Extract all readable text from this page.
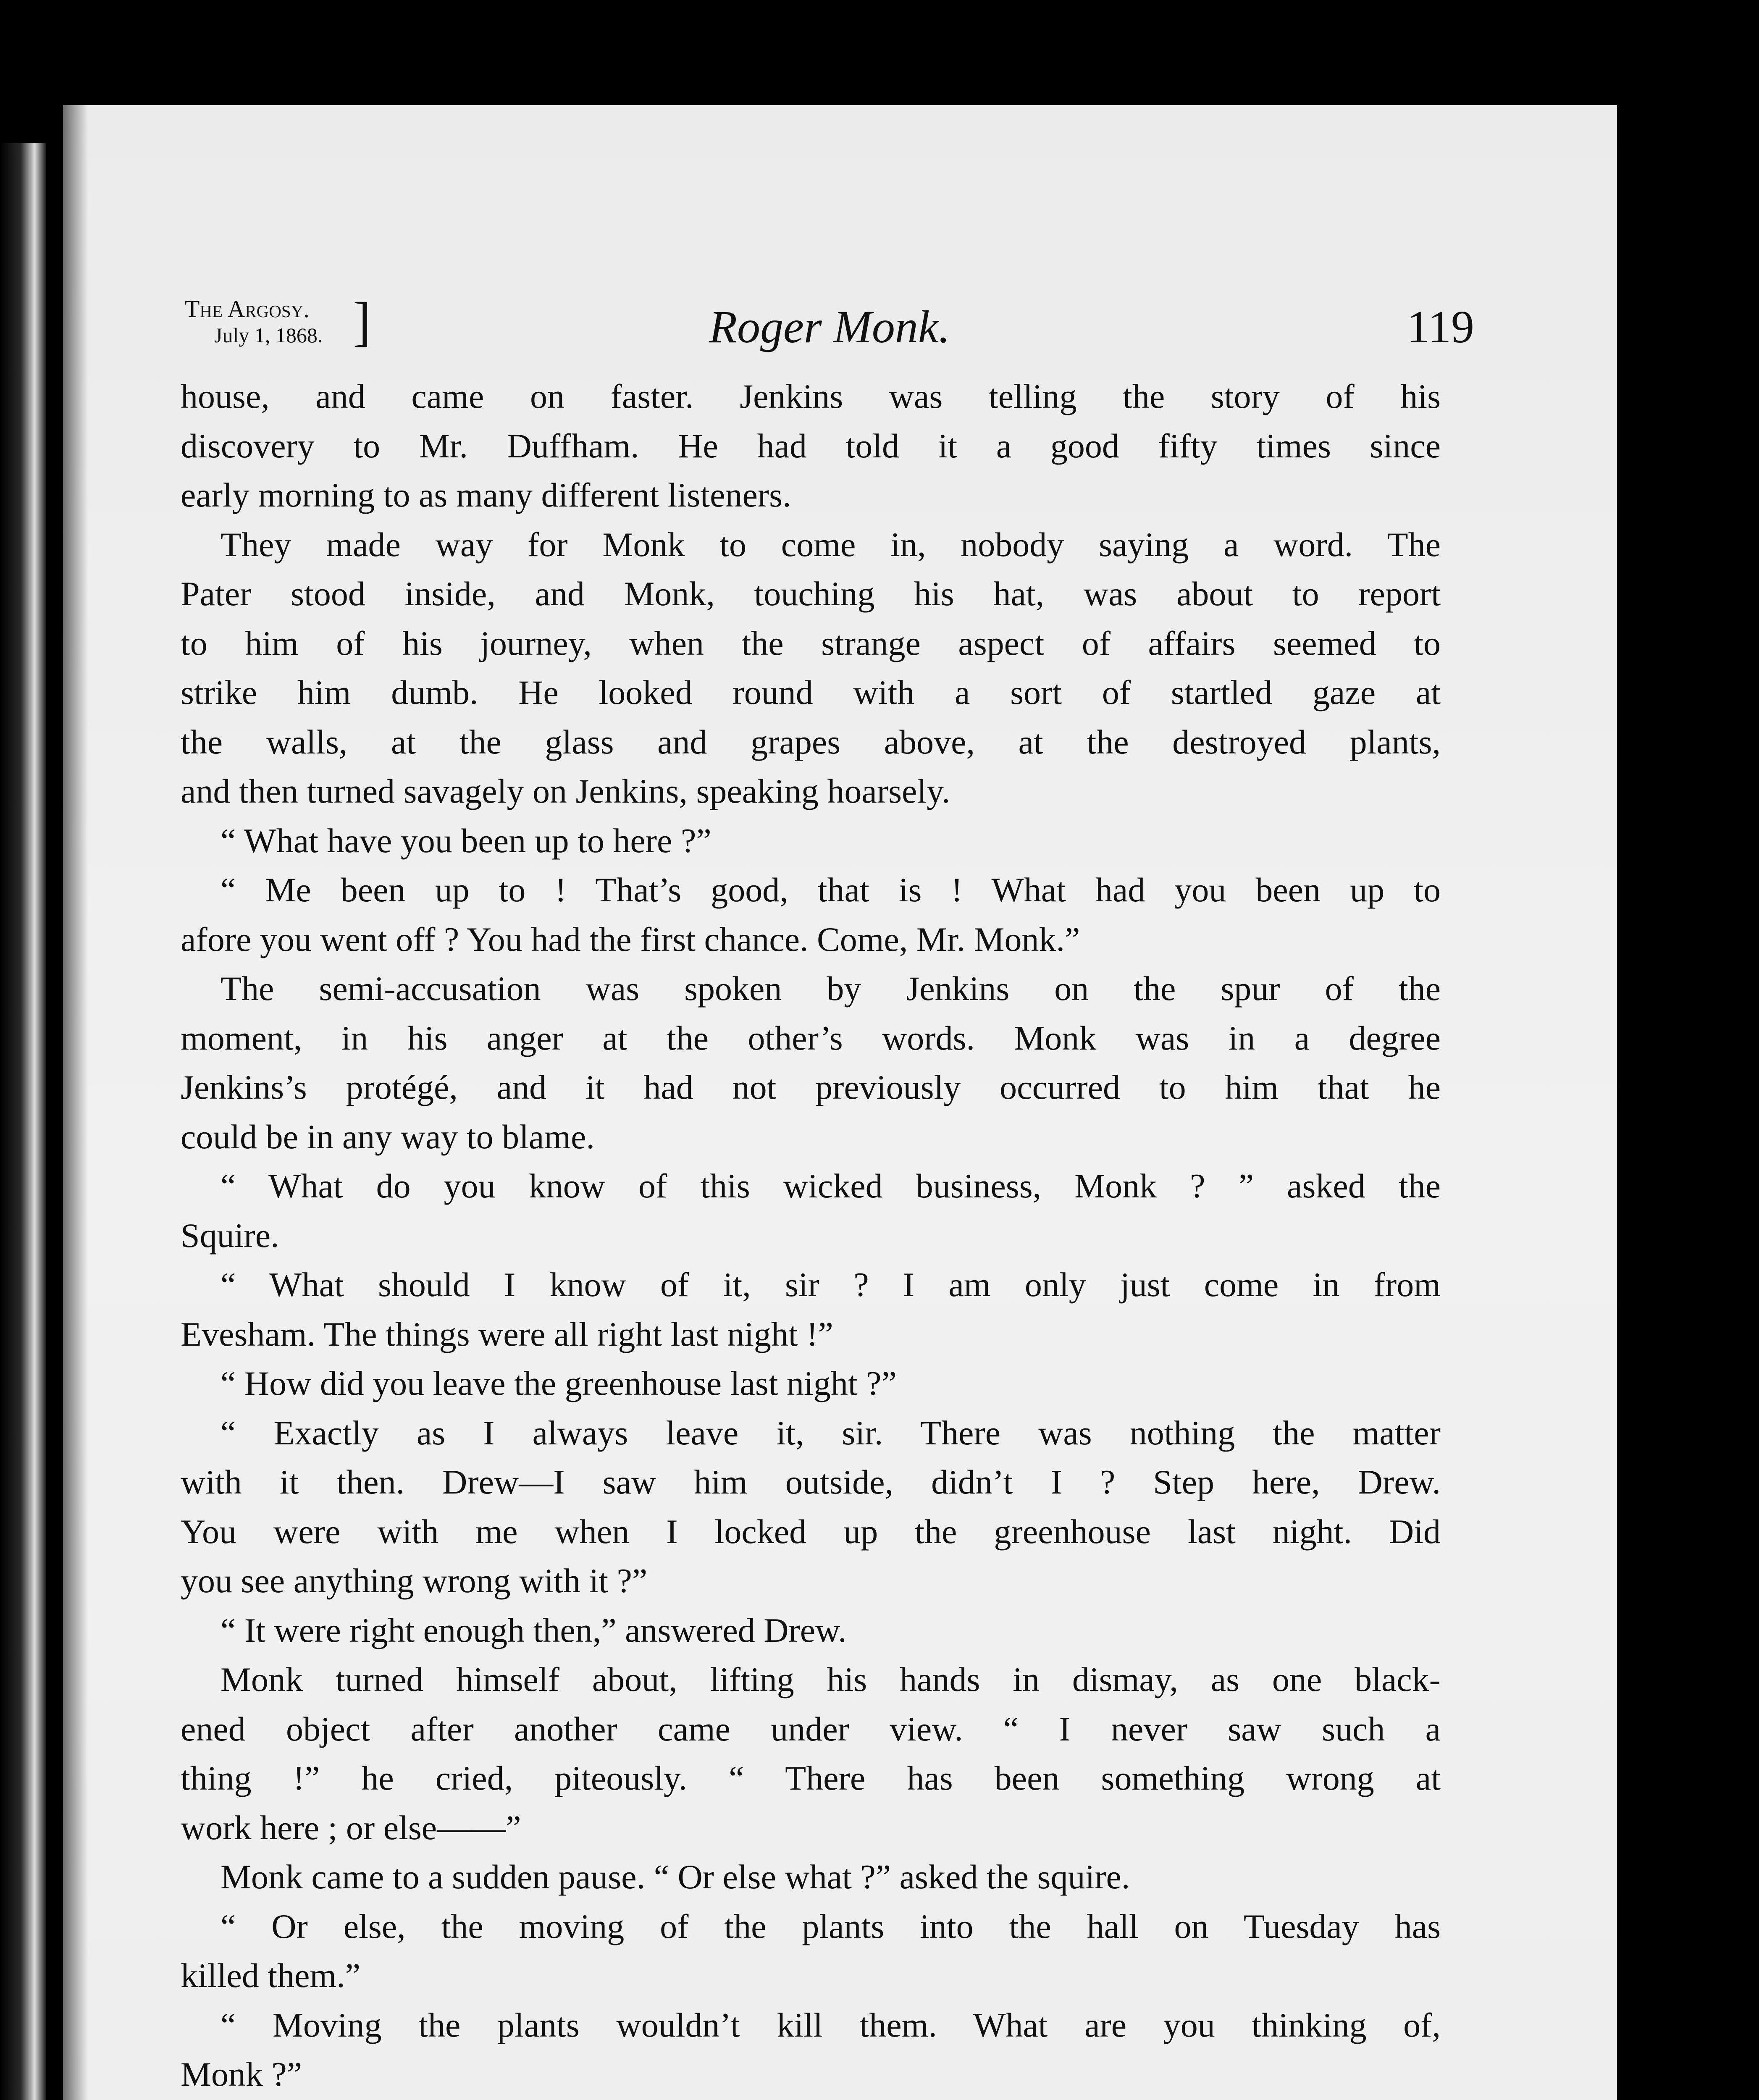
The Argosy.
July 1, 1868. ]	Roger Monk.	119
house, and came on faster. Jenkins was telling the story of his
discovery to Mr. Duffham. He had told it a good fifty times since
early morning to as many different listeners.
They made way for Monk to come in, nobody saying a word. The
Pater stood inside, and Monk, touching his hat, was about to report
to him of his journey, when the strange aspect of affairs seemed to
strike him dumb. He looked round with a sort of startled gaze at
the walls, at the glass and grapes above, at the destroyed plants,
and then turned savagely on Jenkins, speaking hoarsely.
“ What have you been up to here ?”
“ Me been up to ! That’s good, that is ! What had you been up to
afore you went off ? You had the first chance. Come, Mr. Monk.”
The semi-accusation was spoken by Jenkins on the spur of the
moment, in his anger at the other’s words. Monk was in a degree
Jenkins’s protégé, and it had not previously occurred to him that he
could be in any way to blame.
“ What do you know of this wicked business, Monk ? ” asked the
Squire.
“ What should I know of it, sir ? I am only just come in from
Evesham. The things were all right last night !”
“ How did you leave the greenhouse last night ?”
“ Exactly as I always leave it, sir. There was nothing the matter
with it then. Drew—I saw him outside, didn’t I ? Step here, Drew.
You were with me when I locked up the greenhouse last night. Did
you see anything wrong with it ?”
“ It were right enough then,” answered Drew.
Monk turned himself about, lifting his hands in dismay, as one black-
ened object after another came under view. “ I never saw such a
thing !” he cried, piteously. “ There has been something wrong at
work here ; or else——”
Monk came to a sudden pause. “ Or else what ?” asked the squire.
“ Or else, the moving of the plants into the hall on Tuesday has
killed them.”
“ Moving the plants wouldn’t kill them. What are you thinking of,
Monk ?”
